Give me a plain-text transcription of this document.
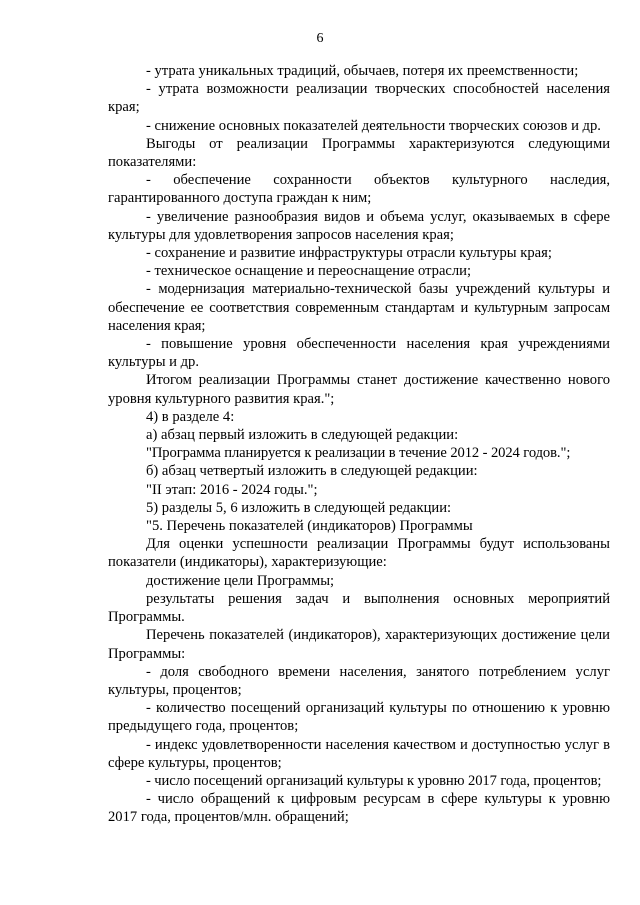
6

- утрата уникальных традиций, обычаев, потеря их преемственности;

- утрата возможности реализации творческих способностей населения края;

- снижение основных показателей деятельности творческих союзов и др.

Выгоды от реализации Программы характеризуются следующими показателями:

- обеспечение сохранности объектов культурного наследия, гарантированного доступа граждан к ним;

- увеличение разнообразия видов и объема услуг, оказываемых в сфере культуры для удовлетворения запросов населения края;

- сохранение и развитие инфраструктуры отрасли культуры края;

- техническое оснащение и переоснащение отрасли;

- модернизация материально-технической базы учреждений культуры и обеспечение ее соответствия современным стандартам и культурным запросам населения края;

- повышение уровня обеспеченности населения края учреждениями культуры и др.

Итогом реализации Программы станет достижение качественно нового уровня культурного развития края.";

4) в разделе 4:

а) абзац первый изложить в следующей редакции:

"Программа планируется к реализации в течение 2012 - 2024 годов.";

б) абзац четвертый изложить в следующей редакции:

"II этап: 2016 - 2024 годы.";

5) разделы 5, 6 изложить в следующей редакции:

"5. Перечень показателей (индикаторов) Программы

Для оценки успешности реализации Программы будут использованы показатели (индикаторы), характеризующие:

достижение цели Программы;

результаты решения задач и выполнения основных мероприятий Программы.

Перечень показателей (индикаторов), характеризующих достижение цели Программы:

- доля свободного времени населения, занятого потреблением услуг культуры, процентов;

- количество посещений организаций культуры по отношению к уровню предыдущего года, процентов;

- индекс удовлетворенности населения качеством и доступностью услуг в сфере культуры, процентов;

- число посещений организаций культуры к уровню 2017 года, процентов;

- число обращений к цифровым ресурсам в сфере культуры к уровню 2017 года, процентов/млн. обращений;
